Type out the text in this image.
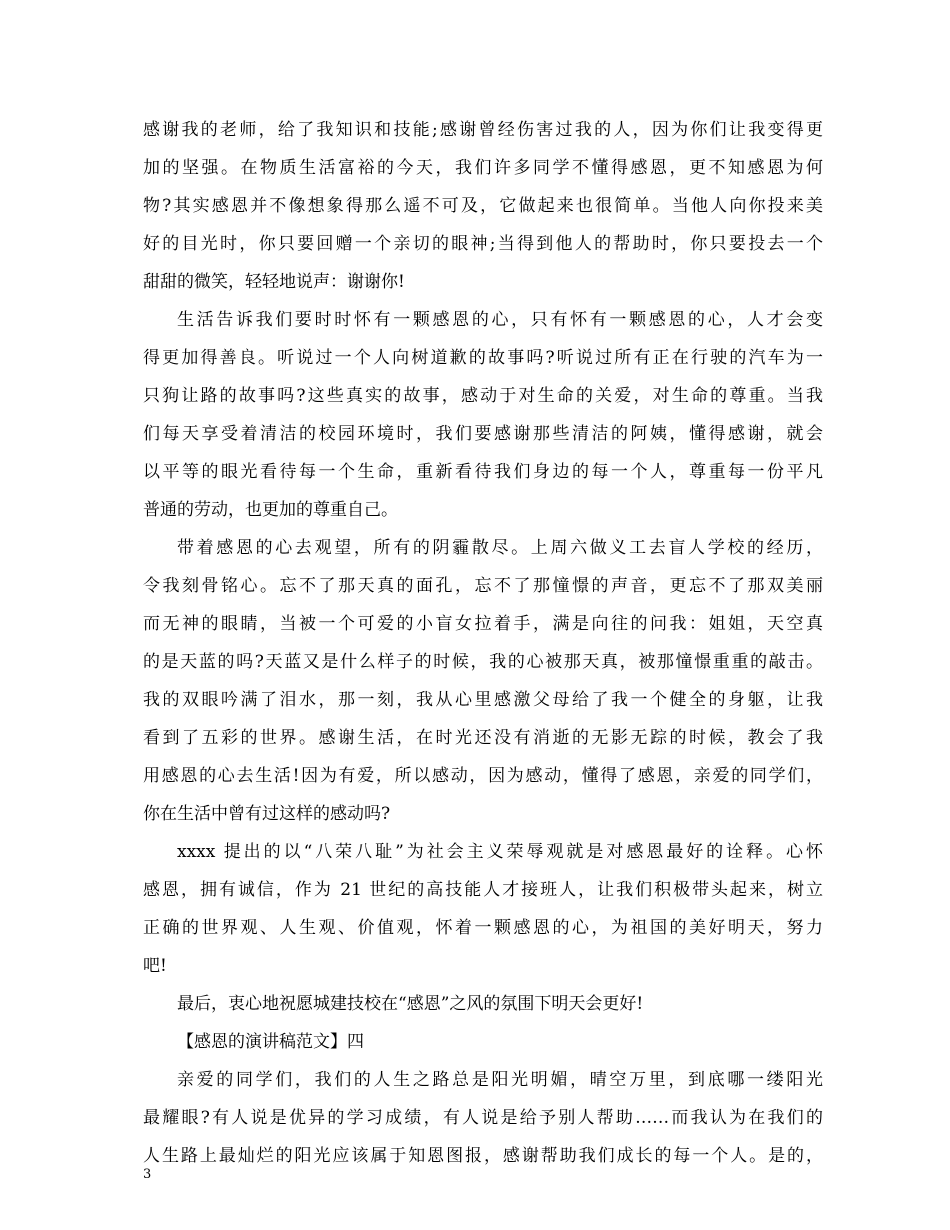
感谢我的老师，给了我知识和技能;感谢曾经伤害过我的人，因为你们让我变得更
加的坚强。在物质生活富裕的今天，我们许多同学不懂得感恩，更不知感恩为何
物?其实感恩并不像想象得那么遥不可及，它做起来也很简单。当他人向你投来美
好的目光时，你只要回赠一个亲切的眼神;当得到他人的帮助时，你只要投去一个
甜甜的微笑，轻轻地说声：谢谢你!
生活告诉我们要时时怀有一颗感恩的心，只有怀有一颗感恩的心，人才会变
得更加得善良。听说过一个人向树道歉的故事吗?听说过所有正在行驶的汽车为一
只狗让路的故事吗?这些真实的故事，感动于对生命的关爱，对生命的尊重。当我
们每天享受着清洁的校园环境时，我们要感谢那些清洁的阿姨，懂得感谢，就会
以平等的眼光看待每一个生命，重新看待我们身边的每一个人，尊重每一份平凡
普通的劳动，也更加的尊重自己。
带着感恩的心去观望，所有的阴霾散尽。上周六做义工去盲人学校的经历，
令我刻骨铭心。忘不了那天真的面孔，忘不了那憧憬的声音，更忘不了那双美丽
而无神的眼睛，当被一个可爱的小盲女拉着手，满是向往的问我：姐姐，天空真
的是天蓝的吗?天蓝又是什么样子的时候，我的心被那天真，被那憧憬重重的敲击。
我的双眼吟满了泪水，那一刻，我从心里感激父母给了我一个健全的身躯，让我
看到了五彩的世界。感谢生活，在时光还没有消逝的无影无踪的时候，教会了我
用感恩的心去生活!因为有爱，所以感动，因为感动，懂得了感恩，亲爱的同学们，
你在生活中曾有过这样的感动吗?
xxxx 提出的以“八荣八耻”为社会主义荣辱观就是对感恩最好的诠释。心怀
感恩，拥有诚信，作为 21 世纪的高技能人才接班人，让我们积极带头起来，树立
正确的世界观、人生观、价值观，怀着一颗感恩的心，为祖国的美好明天，努力
吧!
最后，衷心地祝愿城建技校在“感恩”之风的氛围下明天会更好!
【感恩的演讲稿范文】四
亲爱的同学们，我们的人生之路总是阳光明媚，晴空万里，到底哪一缕阳光
最耀眼?有人说是优异的学习成绩，有人说是给予别人帮助……而我认为在我们的
人生路上最灿烂的阳光应该属于知恩图报，感谢帮助我们成长的每一个人。是的，
3
